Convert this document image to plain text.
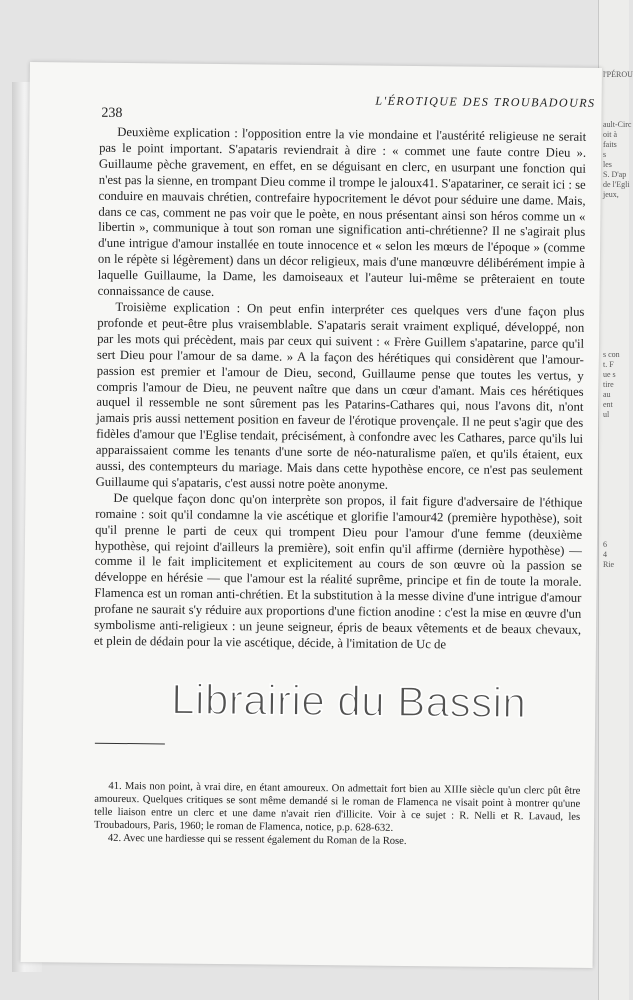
l'PÉROU
ault-Circ
oit à
faits
s
les
S. D'ap
de l'Egli
jeux,
s con
t. F
ue s
tire
au
ent
ul
6
4
Rie
238
L'ÉROTIQUE DES TROUBADOURS

Deuxième explication : l'opposition entre la vie mondaine et l'austérité religieuse ne serait pas le point important. S'apataris reviendrait à dire : « commet une faute contre Dieu ». Guillaume pèche gravement, en effet, en se déguisant en clerc, en usurpant une fonction qui n'est pas la sienne, en trompant Dieu comme il trompe le jaloux41. S'apatariner, ce serait ici : se conduire en mauvais chrétien, contrefaire hypocritement le dévot pour séduire une dame. Mais, dans ce cas, comment ne pas voir que le poète, en nous présentant ainsi son héros comme un « libertin », communique à tout son roman une signification anti-chrétienne? Il ne s'agirait plus d'une intrigue d'amour installée en toute innocence et « selon les mœurs de l'époque » (comme on le répète si légèrement) dans un décor religieux, mais d'une manœuvre délibérément impie à laquelle Guillaume, la Dame, les damoiseaux et l'auteur lui-même se prêteraient en toute connaissance de cause.

Troisième explication : On peut enfin interpréter ces quelques vers d'une façon plus profonde et peut-être plus vraisemblable. S'apataris serait vraiment expliqué, développé, non par les mots qui précèdent, mais par ceux qui suivent : « Frère Guillem s'apatarine, parce qu'il sert Dieu pour l'amour de sa dame. » A la façon des hérétiques qui considèrent que l'amour-passion est premier et l'amour de Dieu, second, Guillaume pense que toutes les vertus, y compris l'amour de Dieu, ne peuvent naître que dans un cœur d'amant. Mais ces hérétiques auquel il ressemble ne sont sûrement pas les Patarins-Cathares qui, nous l'avons dit, n'ont jamais pris aussi nettement position en faveur de l'érotique provençale. Il ne peut s'agir que des fidèles d'amour que l'Eglise tendait, précisément, à confondre avec les Cathares, parce qu'ils lui apparaissaient comme les tenants d'une sorte de néo-naturalisme païen, et qu'ils étaient, eux aussi, des contempteurs du mariage. Mais dans cette hypothèse encore, ce n'est pas seulement Guillaume qui s'apataris, c'est aussi notre poète anonyme.

De quelque façon donc qu'on interprète son propos, il fait figure d'adversaire de l'éthique romaine : soit qu'il condamne la vie ascétique et glorifie l'amour42 (première hypothèse), soit qu'il prenne le parti de ceux qui trompent Dieu pour l'amour d'une femme (deuxième hypothèse, qui rejoint d'ailleurs la première), soit enfin qu'il affirme (dernière hypothèse) — comme il le fait implicitement et explicitement au cours de son œuvre où la passion se développe en hérésie — que l'amour est la réalité suprême, principe et fin de toute la morale. Flamenca est un roman anti-chrétien. Et la substitution à la messe divine d'une intrigue d'amour profane ne saurait s'y réduire aux proportions d'une fiction anodine : c'est la mise en œuvre d'un symbolisme anti-religieux : un jeune seigneur, épris de beaux vêtements et de beaux chevaux, et plein de dédain pour la vie ascétique, décide, à l'imitation de Uc de

41. Mais non point, à vrai dire, en étant amoureux. On admettait fort bien au XIIIe siècle qu'un clerc pût être amoureux. Quelques critiques se sont même demandé si le roman de Flamenca ne visait point à montrer qu'une telle liaison entre un clerc et une dame n'avait rien d'illicite. Voir à ce sujet : R. Nelli et R. Lavaud, les Troubadours, Paris, 1960; le roman de Flamenca, notice, p.p. 628-632.

42. Avec une hardiesse qui se ressent également du Roman de la Rose.

Librairie du Bassin
